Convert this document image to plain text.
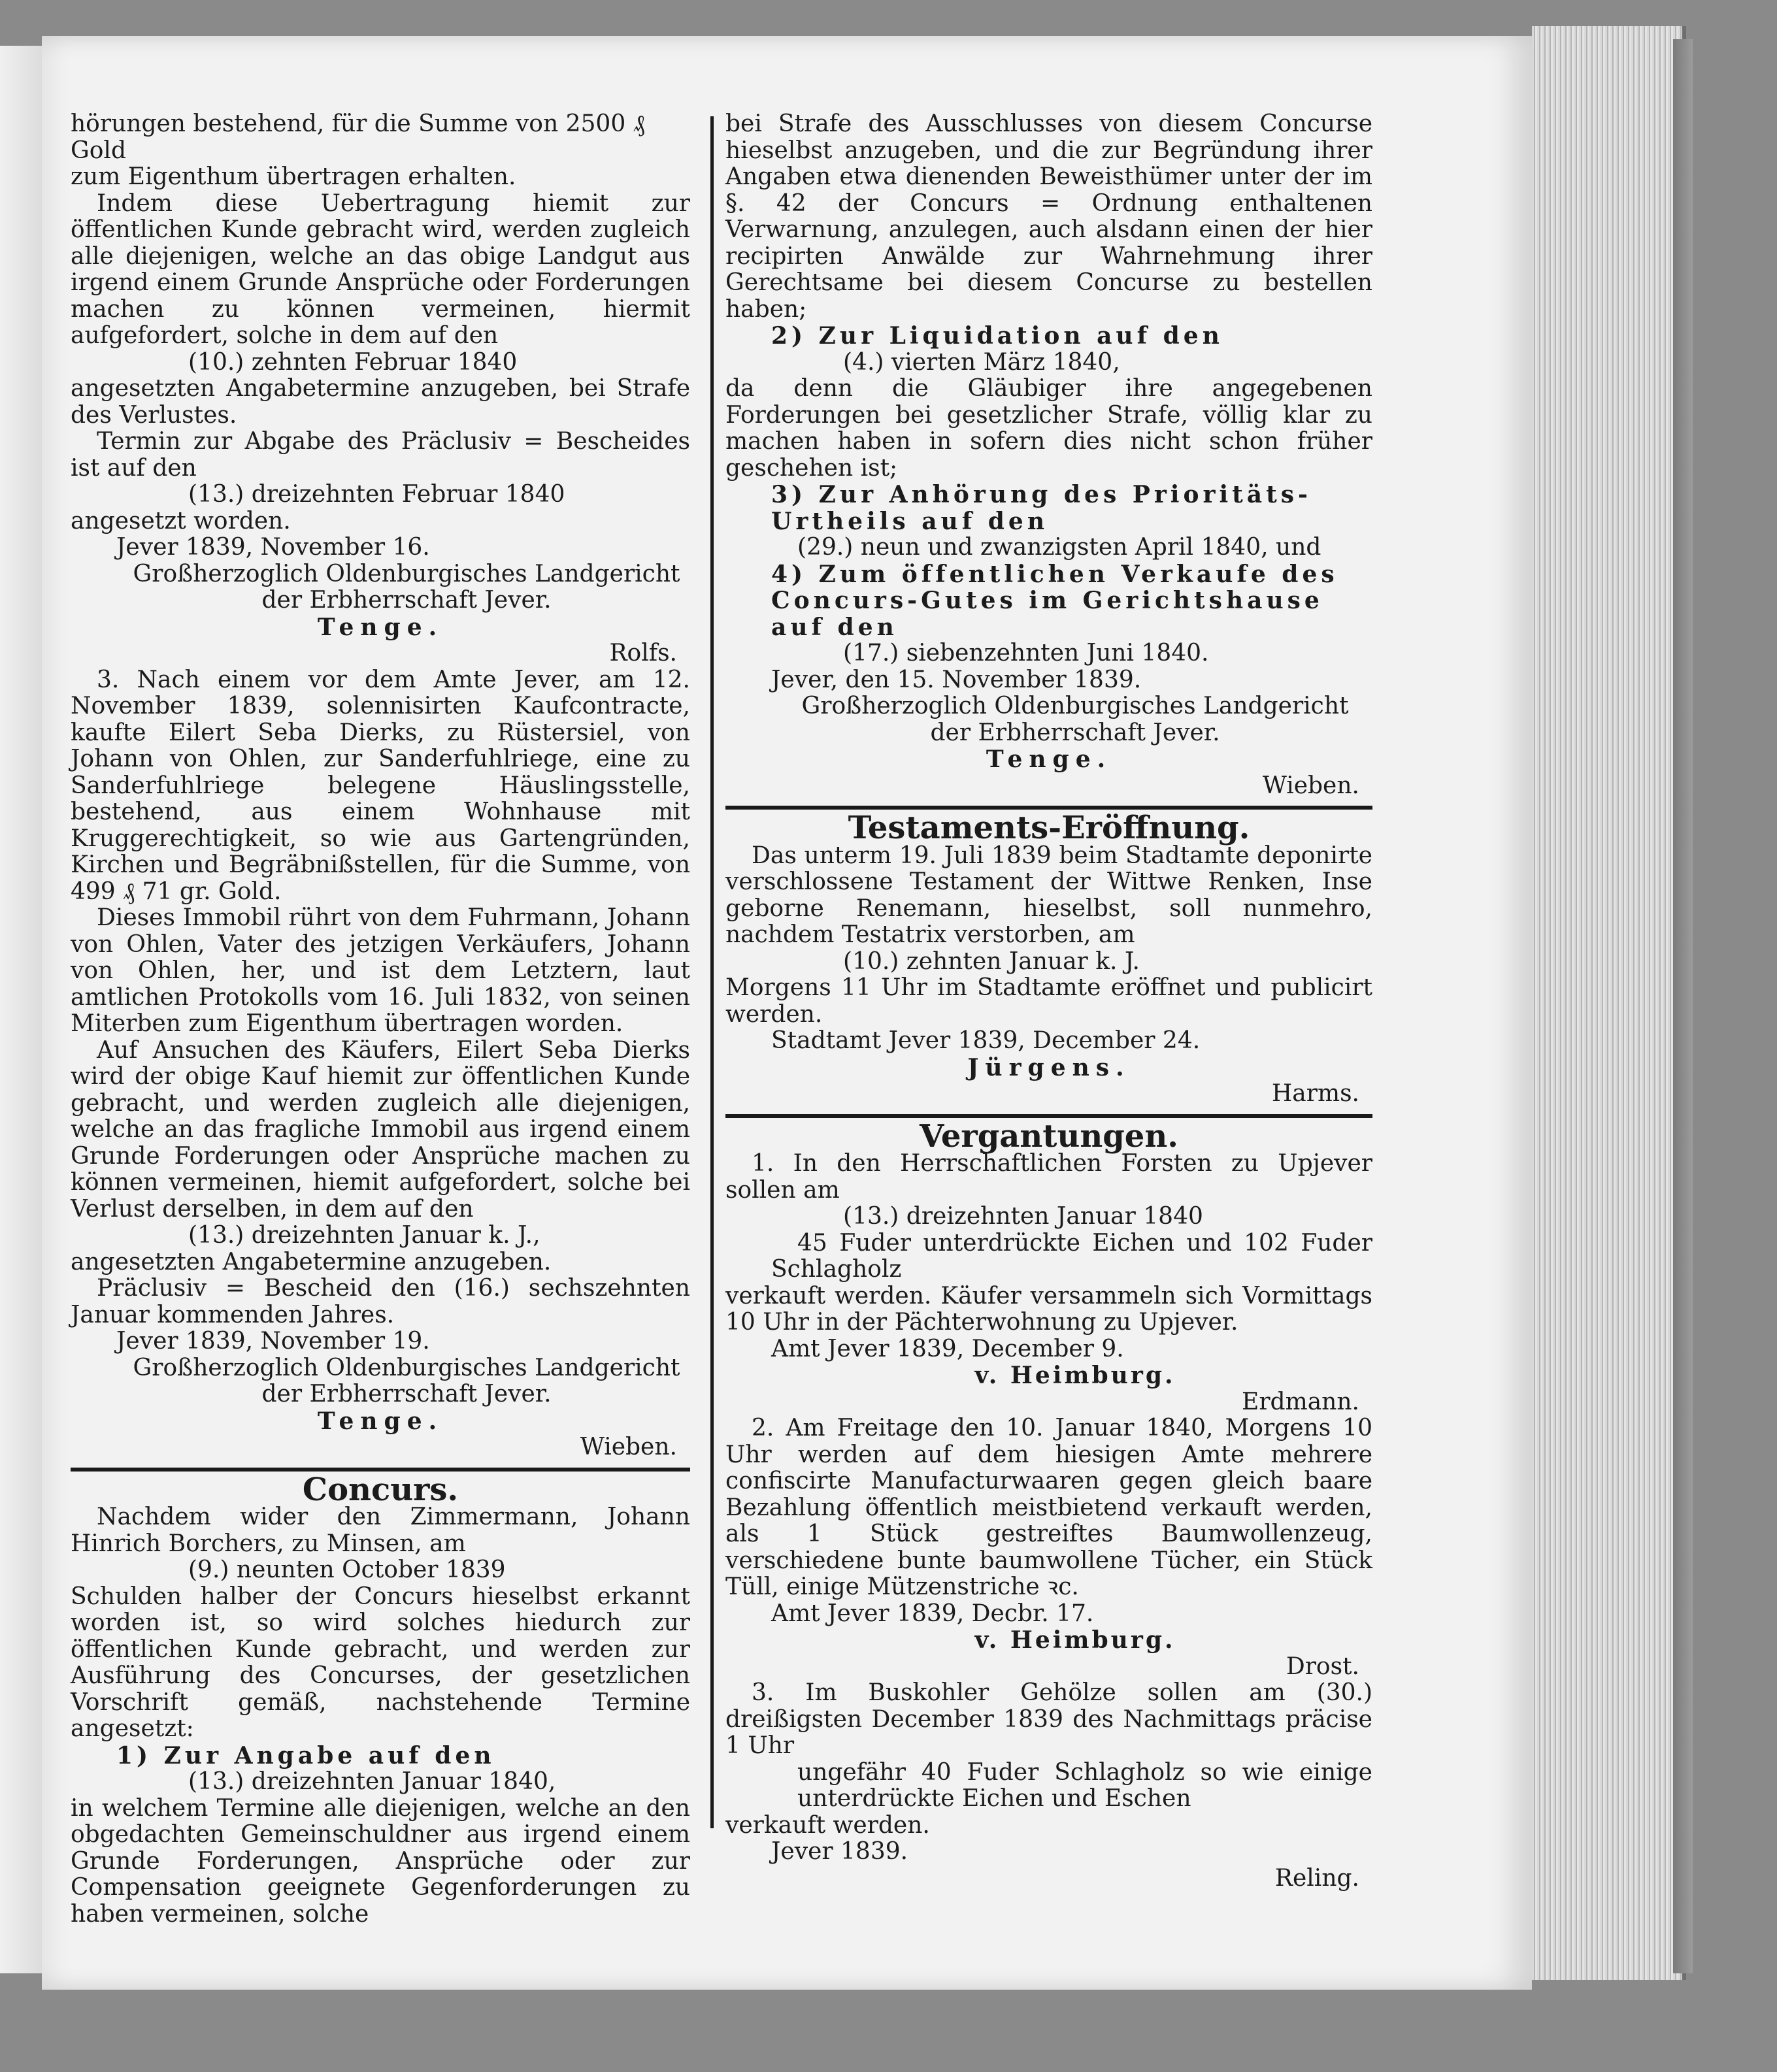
hörungen bestehend, für die Summe von 2500 ₰ Gold

zum Eigenthum übertragen erhalten.

Indem diese Uebertragung hiemit zur öffentlichen Kunde gebracht wird, werden zugleich alle diejenigen, welche an das obige Landgut aus irgend einem Grunde Ansprüche oder Forderungen machen zu können vermeinen, hiermit aufgefordert, solche in dem auf den

(10.) zehnten Februar 1840

angesetzten Angabetermine anzugeben, bei Strafe des Verlustes.

Termin zur Abgabe des Präclusiv = Bescheides ist auf den

(13.) dreizehnten Februar 1840

angesetzt worden.

Jever 1839, November 16.

Großherzoglich Oldenburgisches Landgericht

der Erbherrschaft Jever.

Tenge.

Rolfs.

3. Nach einem vor dem Amte Jever, am 12. November 1839, solennisirten Kaufcontracte, kaufte Eilert Seba Dierks, zu Rüstersiel, von Johann von Ohlen, zur Sanderfuhlriege, eine zu Sanderfuhlriege belegene Häuslingsstelle, bestehend, aus einem Wohnhause mit Kruggerechtigkeit, so wie aus Gartengründen, Kirchen und Begräbnißstellen, für die Summe, von 499 ₰ 71 gr. Gold.

Dieses Immobil rührt von dem Fuhrmann, Johann von Ohlen, Vater des jetzigen Verkäufers, Johann von Ohlen, her, und ist dem Letztern, laut amtlichen Protokolls vom 16. Juli 1832, von seinen Miterben zum Eigenthum übertragen worden.

Auf Ansuchen des Käufers, Eilert Seba Dierks wird der obige Kauf hiemit zur öffentlichen Kunde gebracht, und werden zugleich alle diejenigen, welche an das fragliche Immobil aus irgend einem Grunde Forderungen oder Ansprüche machen zu können vermeinen, hiemit aufgefordert, solche bei Verlust derselben, in dem auf den

(13.) dreizehnten Januar k. J.,

angesetzten Angabetermine anzugeben.

Präclusiv = Bescheid den (16.) sechszehnten Januar kommenden Jahres.

Jever 1839, November 19.

Großherzoglich Oldenburgisches Landgericht

der Erbherrschaft Jever.

Tenge.

Wieben.

Concurs.

Nachdem wider den Zimmermann, Johann Hinrich Borchers, zu Minsen, am

(9.) neunten October 1839

Schulden halber der Concurs hieselbst erkannt worden ist, so wird solches hiedurch zur öffentlichen Kunde gebracht, und werden zur Ausführung des Concurses, der gesetzlichen Vorschrift gemäß, nachstehende Termine angesetzt:

1) Zur Angabe auf den

(13.) dreizehnten Januar 1840,

in welchem Termine alle diejenigen, welche an den obgedachten Gemeinschuldner aus irgend einem Grunde Forderungen, Ansprüche oder zur Compensation geeignete Gegenforderungen zu haben vermeinen, solche

bei Strafe des Ausschlusses von diesem Concurse hieselbst anzugeben, und die zur Begründung ihrer Angaben etwa dienenden Beweisthümer unter der im §. 42 der Concurs = Ordnung enthaltenen Verwarnung, anzulegen, auch alsdann einen der hier recipirten Anwälde zur Wahrnehmung ihrer Gerechtsame bei diesem Concurse zu bestellen haben;

2) Zur Liquidation auf den

(4.) vierten März 1840,

da denn die Gläubiger ihre angegebenen Forderungen bei gesetzlicher Strafe, völlig klar zu machen haben in sofern dies nicht schon früher geschehen ist;

3) Zur Anhörung des Prioritäts-Urtheils auf den

(29.) neun und zwanzigsten April 1840, und

4) Zum öffentlichen Verkaufe des Concurs-Gutes im Gerichtshause auf den

(17.) siebenzehnten Juni 1840.

Jever, den 15. November 1839.

Großherzoglich Oldenburgisches Landgericht

der Erbherrschaft Jever.

Tenge.

Wieben.

Testaments-Eröffnung.

Das unterm 19. Juli 1839 beim Stadtamte deponirte verschlossene Testament der Wittwe Renken, Insе geborne Renemann, hieselbst, soll nunmehro, nachdem Testatrix verstorben, am

(10.) zehnten Januar k. J.

Morgens 11 Uhr im Stadtamte eröffnet und publicirt werden.

Stadtamt Jever 1839, December 24.

Jürgens.

Harms.

Vergantungen.

1. In den Herrschaftlichen Forsten zu Upjever sollen am

(13.) dreizehnten Januar 1840

45 Fuder unterdrückte Eichen und 102 Fuder Schlagholz

verkauft werden. Käufer versammeln sich Vormittags 10 Uhr in der Pächterwohnung zu Upjever.

Amt Jever 1839, December 9.

v. Heimburg.

Erdmann.

2. Am Freitage den 10. Januar 1840, Morgens 10 Uhr werden auf dem hiesigen Amte mehrere confiscirte Manufacturwaaren gegen gleich baare Bezahlung öffentlich meistbietend verkauft werden, als 1 Stück gestreiftes Baumwollenzeug, verschiedene bunte baumwollene Tücher, ein Stück Tüll, einige Mützenstriche ꝛc.

Amt Jever 1839, Decbr. 17.

v. Heimburg.

Drost.

3. Im Buskohler Gehölze sollen am (30.) dreißigsten December 1839 des Nachmittags präcise 1 Uhr

ungefähr 40 Fuder Schlagholz so wie einige unterdrückte Eichen und Eschen

verkauft werden.

Jever 1839.

Reling.
